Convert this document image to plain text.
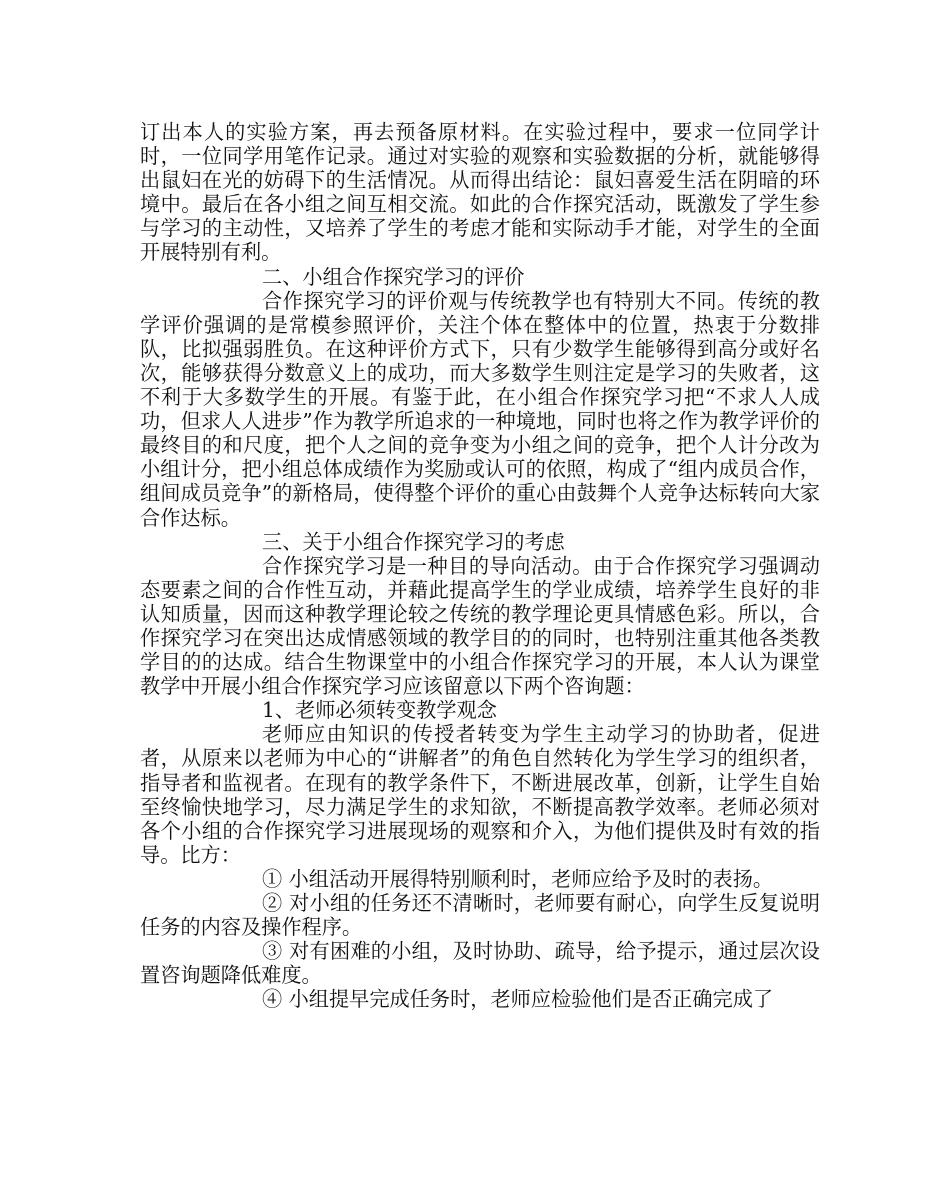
订出本人的实验方案，再去预备原材料。在实验过程中，要求一位同学计时，一位同学用笔作记录。通过对实验的观察和实验数据的分析，就能够得出鼠妇在光的妨碍下的生活情况。从而得出结论：鼠妇喜爱生活在阴暗的环境中。最后在各小组之间互相交流。如此的合作探究活动，既激发了学生参与学习的主动性，又培养了学生的考虑才能和实际动手才能，对学生的全面开展特别有利。

二、小组合作探究学习的评价

合作探究学习的评价观与传统教学也有特别大不同。传统的教学评价强调的是常模参照评价，关注个体在整体中的位置，热衷于分数排队，比拟强弱胜负。在这种评价方式下，只有少数学生能够得到高分或好名次，能够获得分数意义上的成功，而大多数学生则注定是学习的失败者，这不利于大多数学生的开展。有鉴于此，在小组合作探究学习把“不求人人成功，但求人人进步”作为教学所追求的一种境地，同时也将之作为教学评价的最终目的和尺度，把个人之间的竞争变为小组之间的竞争，把个人计分改为小组计分，把小组总体成绩作为奖励或认可的依照，构成了“组内成员合作，组间成员竞争”的新格局，使得整个评价的重心由鼓舞个人竞争达标转向大家合作达标。

三、关于小组合作探究学习的考虑

合作探究学习是一种目的导向活动。由于合作探究学习强调动态要素之间的合作性互动，并藉此提高学生的学业成绩，培养学生良好的非认知质量，因而这种教学理论较之传统的教学理论更具情感色彩。所以，合作探究学习在突出达成情感领域的教学目的的同时，也特别注重其他各类教学目的的达成。结合生物课堂中的小组合作探究学习的开展，本人认为课堂教学中开展小组合作探究学习应该留意以下两个咨询题：

1、老师必须转变教学观念

老师应由知识的传授者转变为学生主动学习的协助者，促进者，从原来以老师为中心的“讲解者”的角色自然转化为学生学习的组织者，指导者和监视者。在现有的教学条件下，不断进展改革，创新，让学生自始至终愉快地学习，尽力满足学生的求知欲，不断提高教学效率。老师必须对各个小组的合作探究学习进展现场的观察和介入，为他们提供及时有效的指导。比方：

① 小组活动开展得特别顺利时，老师应给予及时的表扬。

② 对小组的任务还不清晰时，老师要有耐心，向学生反复说明任务的内容及操作程序。

③ 对有困难的小组，及时协助、疏导，给予提示，通过层次设置咨询题降低难度。

④ 小组提早完成任务时，老师应检验他们是否正确完成了
